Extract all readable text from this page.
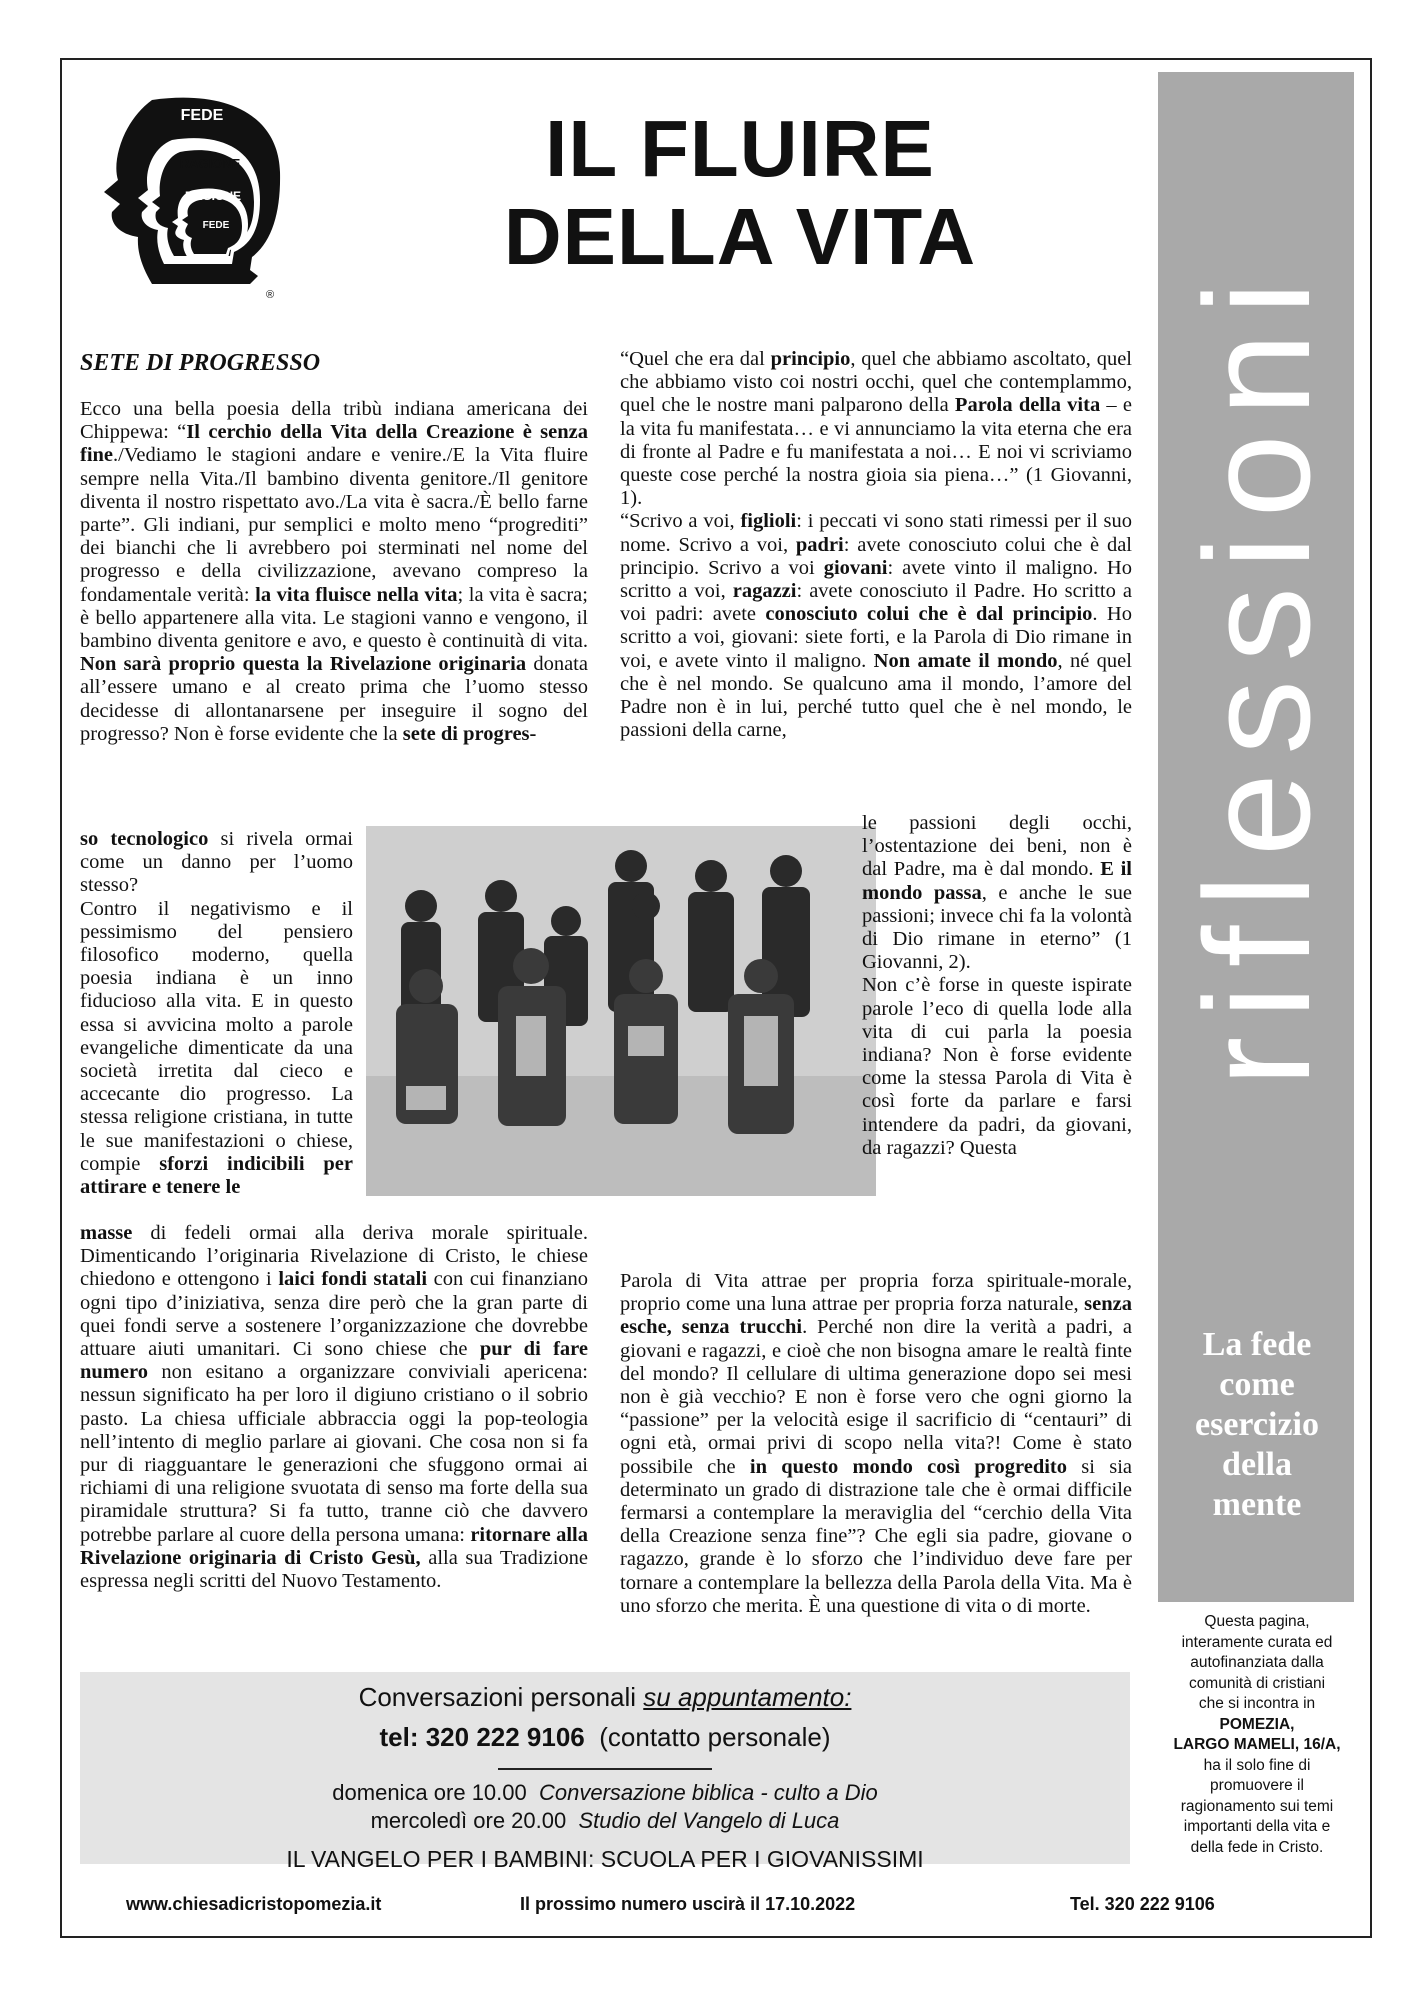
FEDE
RAGIONE
RAGIONE
FEDE
®
IL FLUIRE
DELLA VITA
riflessioni
La fede
come
esercizio
della
mente
Questa pagina,
interamente curata ed
autofinanziata dalla
comunità di cristiani
che si incontra in
POMEZIA,
LARGO MAMELI, 16/A,
ha il solo fine di
promuovere il
ragionamento sui temi
importanti della vita e
della fede in Cristo.
SETE DI PROGRESSO

Ecco una bella poesia della tribù indiana americana dei Chippewa: “Il cerchio della Vita della Creazione è senza fine./Vediamo le stagioni andare e venire./E la Vita fluire sempre nella Vita./Il bambino diventa genitore./Il genitore diventa il nostro rispettato avo./La vita è sacra./È bello farne parte”. Gli indiani, pur semplici e molto meno “progrediti” dei bianchi che li avrebbero poi sterminati nel nome del progresso e della civilizzazione, avevano compreso la fondamentale verità: la vita fluisce nella vita; la vita è sacra; è bello appartenere alla vita. Le stagioni vanno e vengono, il bambino diventa genitore e avo, e questo è continuità di vita. Non sarà proprio questa la Rivelazione originaria donata all’essere umano e al creato prima che l’uomo stesso decidesse di allontanarsene per inseguire il sogno del progresso? Non è forse evidente che la sete di progres-

so tecnologico si rivela ormai come un danno per l’uomo stesso?

Contro il negativismo e il pessimismo del pensiero filosofico moderno, quella poesia indiana è un inno fiducioso alla vita. E in questo essa si avvicina molto a parole evangeliche dimenticate da una società irretita dal cieco e accecante dio progresso. La stessa religione cristiana, in tutte le sue manifestazioni o chiese, compie sforzi indicibili per attirare e tenere le

masse di fedeli ormai alla deriva morale spirituale. Dimenticando l’originaria Rivelazione di Cristo, le chiese chiedono e ottengono i laici fondi statali con cui finanziano ogni tipo d’iniziativa, senza dire però che la gran parte di quei fondi serve a sostenere l’organizzazione che dovrebbe attuare aiuti umanitari. Ci sono chiese che pur di fare numero non esitano a organizzare conviviali apericena: nessun significato ha per loro il digiuno cristiano o il sobrio pasto. La chiesa ufficiale abbraccia oggi la pop-teologia nell’intento di meglio parlare ai giovani. Che cosa non si fa pur di riagguantare le generazioni che sfuggono ormai ai richiami di una religione svuotata di senso ma forte della sua piramidale struttura? Si fa tutto, tranne ciò che davvero potrebbe parlare al cuore della persona umana: ritornare alla Rivelazione originaria di Cristo Gesù, alla sua Tradizione espressa negli scritti del Nuovo Testamento.

“Quel che era dal principio, quel che abbiamo ascoltato, quel che abbiamo visto coi nostri occhi, quel che contemplammo, quel che le nostre mani palparono della Parola della vita – e la vita fu manifestata… e vi annunciamo la vita eterna che era di fronte al Padre e fu manifestata a noi… E noi vi scriviamo queste cose perché la nostra gioia sia piena…” (1 Giovanni, 1).

“Scrivo a voi, figlioli: i peccati vi sono stati rimessi per il suo nome. Scrivo a voi, padri: avete conosciuto colui che è dal principio. Scrivo a voi giovani: avete vinto il maligno. Ho scritto a voi, ragazzi: avete conosciuto il Padre. Ho scritto a voi padri: avete conosciuto colui che è dal principio. Ho scritto a voi, giovani: siete forti, e la Parola di Dio rimane in voi, e avete vinto il maligno. Non amate il mondo, né quel che è nel mondo. Se qualcuno ama il mondo, l’amore del Padre non è in lui, perché tutto quel che è nel mondo, le passioni della carne,

le passioni degli occhi, l’ostentazione dei beni, non è dal Padre, ma è dal mondo. E il mondo passa, e anche le sue passioni; invece chi fa la volontà di Dio rimane in eterno” (1 Giovanni, 2).

Non c’è forse in queste ispirate parole l’eco di quella lode alla vita di cui parla la poesia indiana? Non è forse evidente come la stessa Parola di Vita è così forte da parlare e farsi intendere da padri, da giovani, da ragazzi? Questa

Parola di Vita attrae per propria forza spirituale-morale, proprio come una luna attrae per propria forza naturale, senza esche, senza trucchi. Perché non dire la verità a padri, a giovani e ragazzi, e cioè che non bisogna amare le realtà finte del mondo? Il cellulare di ultima generazione dopo sei mesi non è già vecchio? E non è forse vero che ogni giorno la “passione” per la velocità esige il sacrificio di “centauri” di ogni età, ormai privi di scopo nella vita?! Come è stato possibile che in questo mondo così progredito si sia determinato un grado di distrazione tale che è ormai difficile fermarsi a contemplare la meraviglia del “cerchio della Vita della Creazione senza fine”? Che egli sia padre, giovane o ragazzo, grande è lo sforzo che l’individuo deve fare per tornare a contemplare la bellezza della Parola della Vita. Ma è uno sforzo che merita. È una questione di vita o di morte.

Conversazioni personali su appuntamento:
tel: 320 222 9106 (contatto personale)
domenica ore 10.00 Conversazione biblica - culto a Dio
mercoledì ore 20.00 Studio del Vangelo di Luca
IL VANGELO PER I BAMBINI: SCUOLA PER I GIOVANISSIMI
www.chiesadicristopomezia.it	Il prossimo numero uscirà il 17.10.2022	Tel. 320 222 9106
